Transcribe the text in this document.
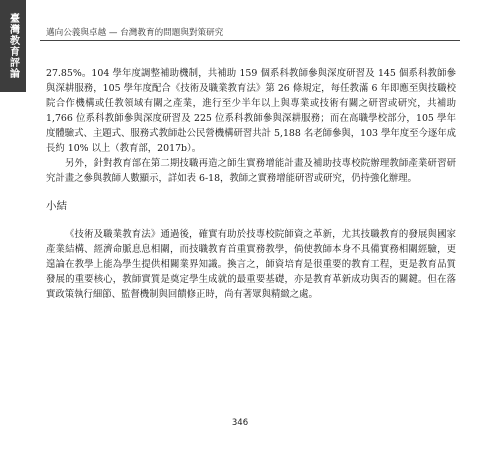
臺灣教育評論	邁向公義與卓越 — 台灣教育的問題與對策研究

27.85%。104 學年度調整補助機制，共補助 159 個系科教師參與深度研習及 145 個系科教師參與深耕服務，105 學年度配合《技術及職業教育法》第 26 條規定，每任教滿 6 年即應至與技職校院合作機構或任教領域有關之產業，進行至少半年以上與專業或技術有關之研習或研究，共補助 1,766 位系科教師參與深度研習及 225 位系科教師參與深耕服務；而在高職學校部分，105 學年度體驗式、主題式、服務式教師赴公民營機構研習共計 5,188 名老師參與，103 學年度至今逐年成長約 10% 以上（教育部，2017b）。

另外，針對教育部在第二期技職再造之師生實務增能計畫及補助技專校院辦理教師產業研習研究計畫之參與教師人數顯示，詳如表 6-18，教師之實務增能研習或研究，仍持強化辦理。

小結

《技術及職業教育法》通過後，確實有助於技專校院師資之革新，尤其技職教育的發展與國家產業結構、經濟命脈息息相關，而技職教育首重實務教學，倘使教師本身不具備實務相關經驗，更遑論在教學上能為學生提供相關業界知識。換言之，師資培育是很重要的教育工程，更是教育品質發展的重要核心，教師實質是奠定學生成就的最重要基礎，亦是教育革新成功與否的關鍵。但在落實政策執行細節、監督機制與回饋修正時，尚有著眾與精緻之處。

346
